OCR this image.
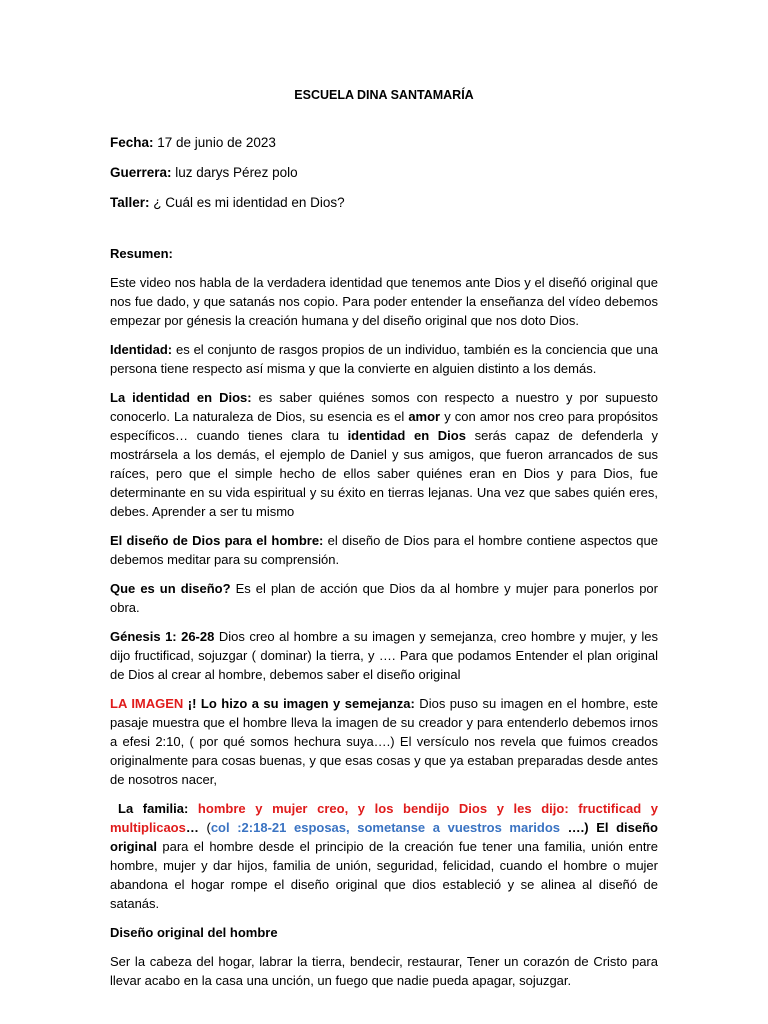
ESCUELA DINA SANTAMARÍA
Fecha: 17 de junio de 2023
Guerrera: luz darys Pérez polo
Taller: ¿ Cuál es mi identidad en Dios?

Resumen:

Este video nos habla de la verdadera identidad que tenemos ante Dios y el diseñó original que nos fue dado, y que satanás nos copio. Para poder entender la enseñanza del vídeo debemos empezar por génesis la creación humana y del diseño original que nos doto Dios.

Identidad: es el conjunto de rasgos propios de un individuo, también es la conciencia que una persona tiene respecto así misma y que la convierte en alguien distinto a los demás.

La identidad en Dios: es saber quiénes somos con respecto a nuestro y por supuesto conocerlo. La naturaleza de Dios, su esencia es el amor y con amor nos creo para propósitos específicos… cuando tienes clara tu identidad en Dios serás capaz de defenderla y mostrársela a los demás, el ejemplo de Daniel y sus amigos, que fueron arrancados de sus raíces, pero que el simple hecho de ellos saber quiénes eran en Dios y para Dios, fue determinante en su vida espiritual y su éxito en tierras lejanas. Una vez que sabes quién eres, debes. Aprender a ser tu mismo

El diseño de Dios para el hombre: el diseño de Dios para el hombre contiene aspectos que debemos meditar para su comprensión.

Que es un diseño? Es el plan de acción que Dios da al hombre y mujer para ponerlos por obra.

Génesis 1: 26-28 Dios creo al hombre a su imagen y semejanza, creo hombre y mujer, y les dijo fructificad, sojuzgar ( dominar) la tierra, y …. Para que podamos Entender el plan original de Dios al crear al hombre, debemos saber el diseño original

LA IMAGEN ¡! Lo hizo a su imagen y semejanza: Dios puso su imagen en el hombre, este pasaje muestra que el hombre lleva la imagen de su creador y para entenderlo debemos irnos a efesi 2:10, ( por qué somos hechura suya….) El versículo nos revela que fuimos creados originalmente para cosas buenas, y que esas cosas y que ya estaban preparadas desde antes de nosotros nacer,

La familia: hombre y mujer creo, y los bendijo Dios y les dijo: fructificad y multiplicaos… (col :2:18-21 esposas, sometanse a vuestros maridos ….) El diseño original para el hombre desde el principio de la creación fue tener una familia, unión entre hombre, mujer y dar hijos, familia de unión, seguridad, felicidad, cuando el hombre o mujer abandona el hogar rompe el diseño original que dios estableció y se alinea al diseñó de satanás.

Diseño original del hombre

Ser la cabeza del hogar, labrar la tierra, bendecir, restaurar, Tener un corazón de Cristo para llevar acabo en la casa una unción, un fuego que nadie pueda apagar, sojuzgar.
